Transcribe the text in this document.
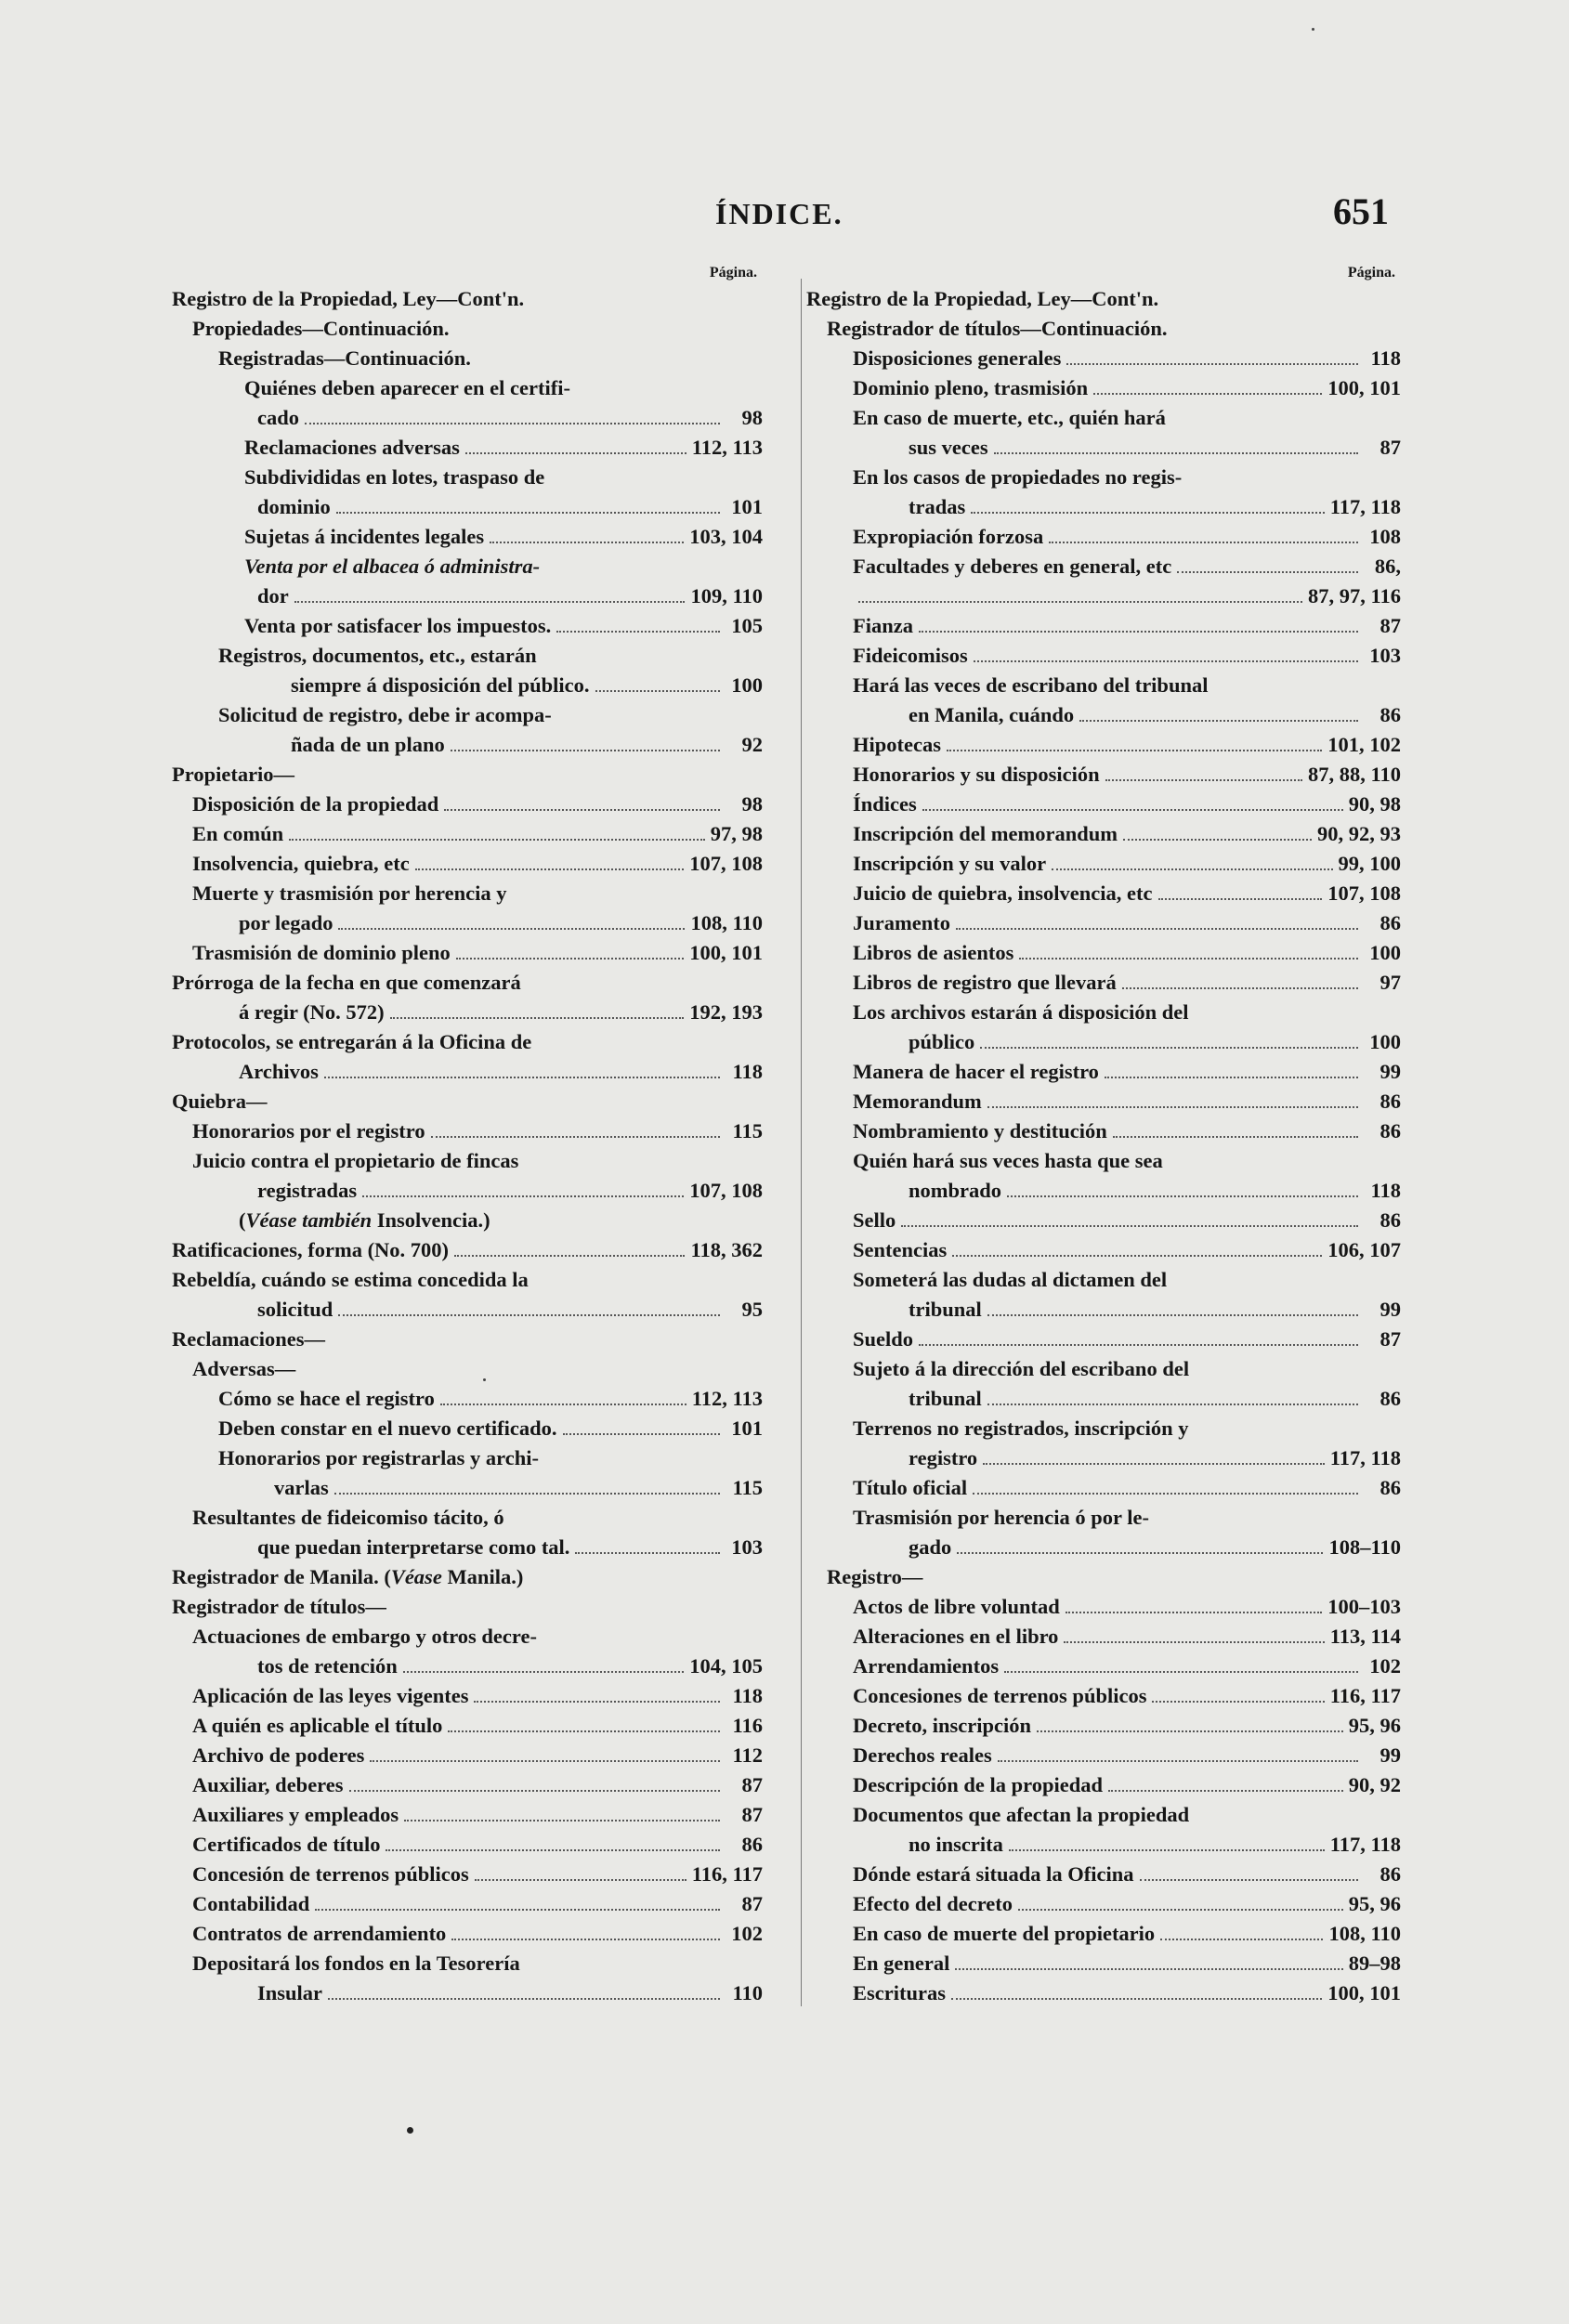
ÍNDICE.	651
Página.
Registro de la Propiedad, Ley—Cont'n.
Propiedades—Continuación.
Registradas—Continuación.
Quiénes deben aparecer en el certifi-
cado	98
Reclamaciones adversas	112, 113
Subdivididas en lotes, traspaso de
dominio	101
Sujetas á incidentes legales	103, 104
Venta por el albacea ó administra-
dor	109, 110
Venta por satisfacer los impuestos.	105
Registros, documentos, etc., estarán
siempre á disposición del público.	100
Solicitud de registro, debe ir acompa-
ñada de un plano	92
Propietario—
Disposición de la propiedad	98
En común	97, 98
Insolvencia, quiebra, etc	107, 108
Muerte y trasmisión por herencia y
por legado	108, 110
Trasmisión de dominio pleno	100, 101
Prórroga de la fecha en que comenzará
á regir (No. 572)	192, 193
Protocolos, se entregarán á la Oficina de
Archivos	118
Quiebra—
Honorarios por el registro	115
Juicio contra el propietario de fincas
registradas	107, 108
(Véase también Insolvencia.)
Ratificaciones, forma (No. 700)	118, 362
Rebeldía, cuándo se estima concedida la
solicitud	95
Reclamaciones—
Adversas—
Cómo se hace el registro	112, 113
Deben constar en el nuevo certificado.	101
Honorarios por registrarlas y archi-
varlas	115
Resultantes de fideicomiso tácito, ó
que puedan interpretarse como tal.	103
Registrador de Manila. (Véase Manila.)
Registrador de títulos—
Actuaciones de embargo y otros decre-
tos de retención	104, 105
Aplicación de las leyes vigentes	118
A quién es aplicable el título	116
Archivo de poderes	112
Auxiliar, deberes	87
Auxiliares y empleados	87
Certificados de título	86
Concesión de terrenos públicos	116, 117
Contabilidad	87
Contratos de arrendamiento	102
Depositará los fondos en la Tesorería
Insular	110
Página.
Registro de la Propiedad, Ley—Cont'n.
Registrador de títulos—Continuación.
Disposiciones generales	118
Dominio pleno, trasmisión	100, 101
En caso de muerte, etc., quién hará
sus veces	87
En los casos de propiedades no regis-
tradas	117, 118
Expropiación forzosa	108
Facultades y deberes en general, etc	86,
87, 97, 116
Fianza	87
Fideicomisos	103
Hará las veces de escribano del tribunal
en Manila, cuándo	86
Hipotecas	101, 102
Honorarios y su disposición	87, 88, 110
Índices	90, 98
Inscripción del memorandum	90, 92, 93
Inscripción y su valor	99, 100
Juicio de quiebra, insolvencia, etc	107, 108
Juramento	86
Libros de asientos	100
Libros de registro que llevará	97
Los archivos estarán á disposición del
público	100
Manera de hacer el registro	99
Memorandum	86
Nombramiento y destitución	86
Quién hará sus veces hasta que sea
nombrado	118
Sello	86
Sentencias	106, 107
Someterá las dudas al dictamen del
tribunal	99
Sueldo	87
Sujeto á la dirección del escribano del
tribunal	86
Terrenos no registrados, inscripción y
registro	117, 118
Título oficial	86
Trasmisión por herencia ó por le-
gado	108–110
Registro—
Actos de libre voluntad	100–103
Alteraciones en el libro	113, 114
Arrendamientos	102
Concesiones de terrenos públicos	116, 117
Decreto, inscripción	95, 96
Derechos reales	99
Descripción de la propiedad	90, 92
Documentos que afectan la propiedad
no inscrita	117, 118
Dónde estará situada la Oficina	86
Efecto del decreto	95, 96
En caso de muerte del propietario	108, 110
En general	89–98
Escrituras	100, 101
